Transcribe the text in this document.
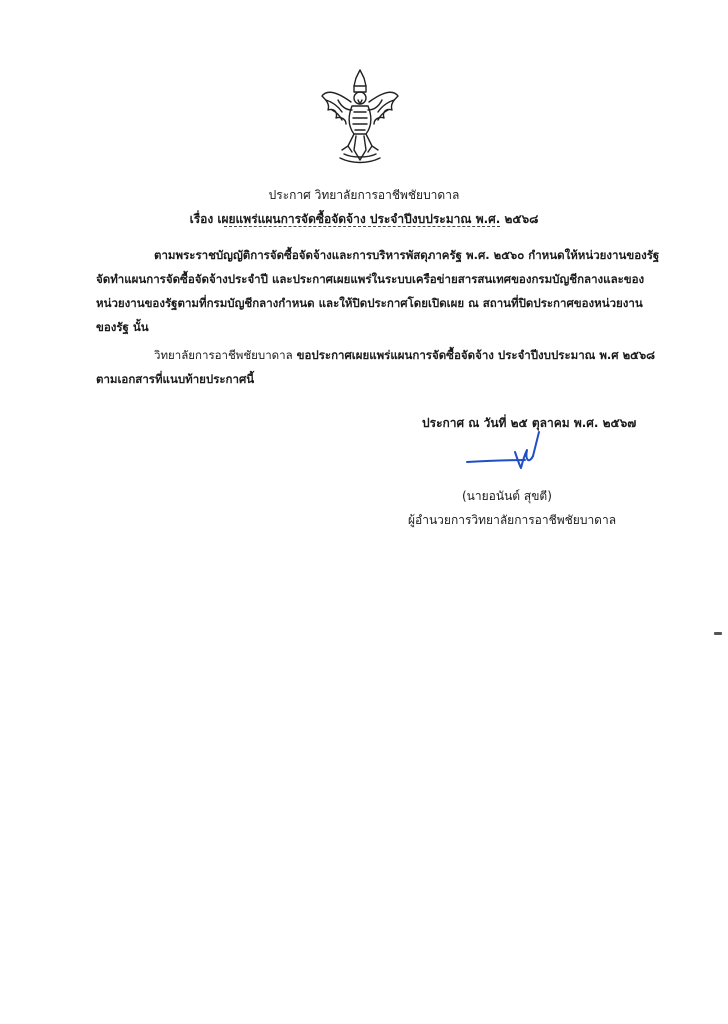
ประกาศ วิทยาลัยการอาชีพชัยบาดาล
เรื่อง เผยแพร่แผนการจัดซื้อจัดจ้าง ประจำปีงบประมาณ พ.ศ. ๒๕๖๘
ตามพระราชบัญญัติการจัดซื้อจัดจ้างและการบริหารพัสดุภาครัฐ พ.ศ. ๒๕๖๐ กำหนดให้หน่วยงานของรัฐ
จัดทำแผนการจัดซื้อจัดจ้างประจำปี และประกาศเผยแพร่ในระบบเครือข่ายสารสนเทศของกรมบัญชีกลางและของ
หน่วยงานของรัฐตามที่กรมบัญชีกลางกำหนด และให้ปิดประกาศโดยเปิดเผย ณ สถานที่ปิดประกาศของหน่วยงาน
ของรัฐ นั้น
วิทยาลัยการอาชีพชัยบาดาล ขอประกาศเผยแพร่แผนการจัดซื้อจัดจ้าง ประจำปีงบประมาณ พ.ศ ๒๕๖๘
ตามเอกสารที่แนบท้ายประกาศนี้
ประกาศ ณ วันที่ ๒๕ ตุลาคม พ.ศ. ๒๕๖๗
(นายอนันต์ สุขตี)
ผู้อำนวยการวิทยาลัยการอาชีพชัยบาดาล
